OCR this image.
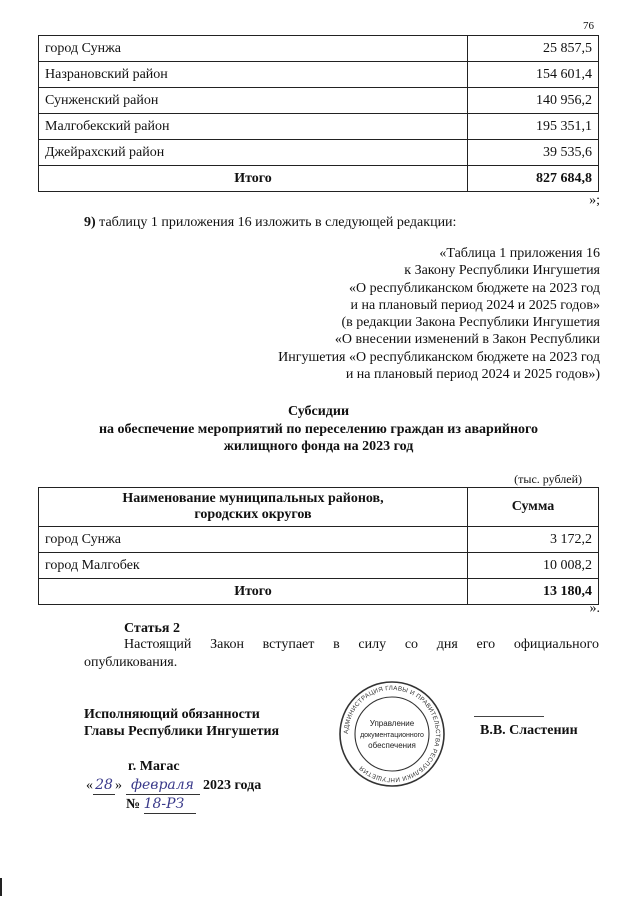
76
город Сунжа	25 857,5
Назрановский район	154 601,4
Сунженский район	140 956,2
Малгобекский район	195 351,1
Джейрахский район	39 535,6
Итого	827 684,8
»;
9) таблицу 1 приложения 16 изложить в следующей редакции:
«Таблица 1 приложения 16
к Закону Республики Ингушетия
«О республиканском бюджете на 2023 год
и на плановый период 2024 и 2025 годов»
(в редакции Закона Республики Ингушетия
«О внесении изменений в Закон Республики
Ингушетия «О республиканском бюджете на 2023 год
и на плановый период 2024 и 2025 годов»)
Субсидии
на обеспечение мероприятий по переселению граждан из аварийного
жилищного фонда на 2023 год
(тыс. рублей)
Наименование муниципальных районов,
городских округов	Сумма
город Сунжа	3 172,2
город Малгобек	10 008,2
Итого	13 180,4
».
Статья 2
Настоящий Закон вступает в силу со дня его официального
опубликования.
Исполняющий обязанности
Главы Республики Ингушетия	АДМИНИСТРАЦИЯ ГЛАВЫ И ПРАВИТЕЛЬСТВА РЕСПУБЛИКИ ИНГУШЕТИЯ
Управление
документационного
обеспечения
В.В. Сластенин
г. Магас
« 28 » февраля 2023 года
№ 18-РЗ
